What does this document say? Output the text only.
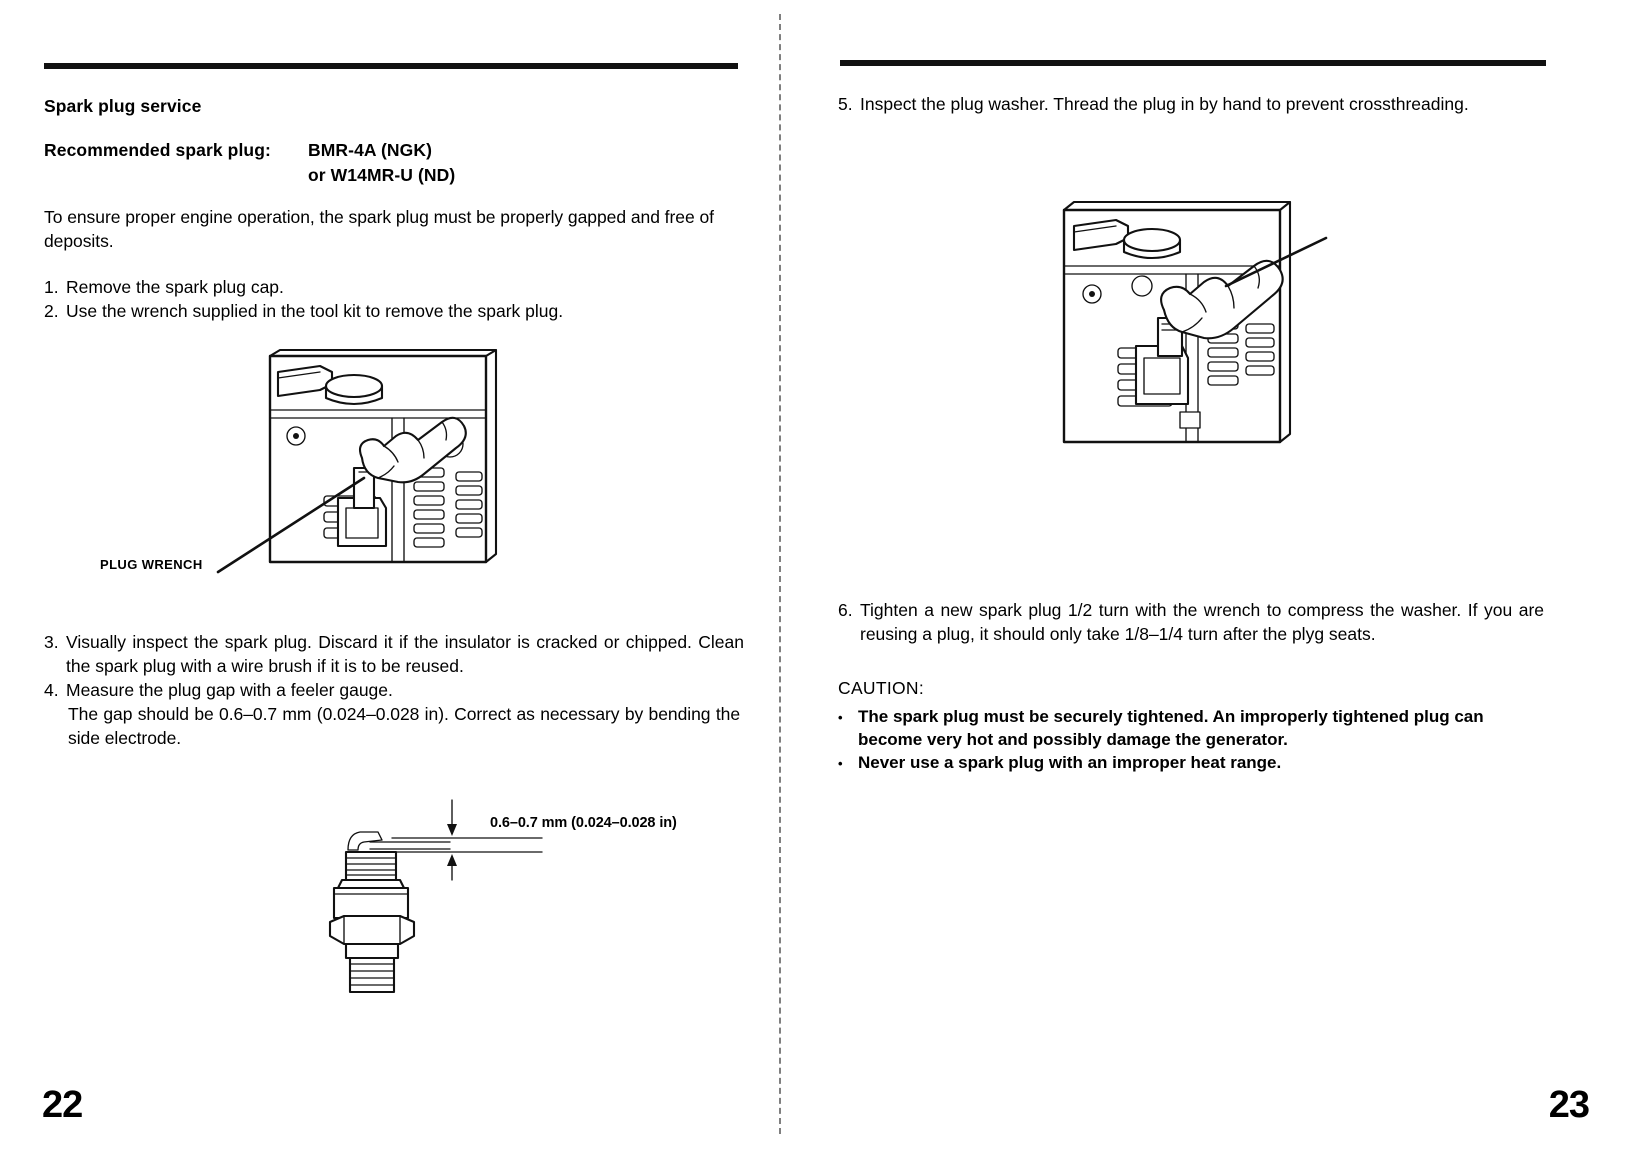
Spark plug service
Recommended spark plug: BMR-4A (NGK)
or W14MR-U (ND)
To ensure proper engine operation, the spark plug must be properly gapped and free of deposits.
1. Remove the spark plug cap.
2. Use the wrench supplied in the tool kit to remove the spark plug.
PLUG WRENCH
3. Visually inspect the spark plug. Discard it if the insulator is cracked or chipped. Clean the spark plug with a wire brush if it is to be reused.
4. Measure the plug gap with a feeler gauge.
The gap should be 0.6–0.7 mm (0.024–0.028 in). Correct as necessary by bending the side electrode.
0.6–0.7 mm (0.024–0.028 in)
22
5. Inspect the plug washer. Thread the plug in by hand to prevent crossthreading.
6. Tighten a new spark plug 1/2 turn with the wrench to compress the washer. If you are reusing a plug, it should only take 1/8–1/4 turn after the plyg seats.
CAUTION:
• The spark plug must be securely tightened. An improperly tightened plug can become very hot and possibly damage the generator.
• Never use a spark plug with an improper heat range.
23
